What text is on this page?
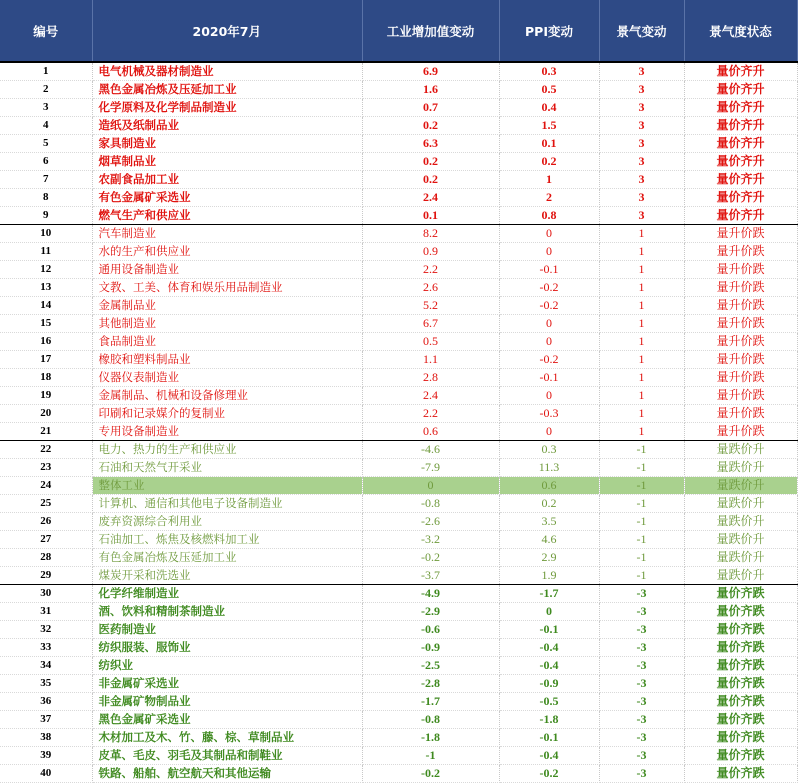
编号	2020年7月	工业增加值变动	PPI变动	景气变动	景气度状态
1	电气机械及器材制造业	6.9	0.3	3	量价齐升
2	黑色金属冶炼及压延加工业	1.6	0.5	3	量价齐升
3	化学原料及化学制品制造业	0.7	0.4	3	量价齐升
4	造纸及纸制品业	0.2	1.5	3	量价齐升
5	家具制造业	6.3	0.1	3	量价齐升
6	烟草制品业	0.2	0.2	3	量价齐升
7	农副食品加工业	0.2	1	3	量价齐升
8	有色金属矿采选业	2.4	2	3	量价齐升
9	燃气生产和供应业	0.1	0.8	3	量价齐升
10	汽车制造业	8.2	0	1	量升价跌
11	水的生产和供应业	0.9	0	1	量升价跌
12	通用设备制造业	2.2	-0.1	1	量升价跌
13	文教、工美、体育和娱乐用品制造业	2.6	-0.2	1	量升价跌
14	金属制品业	5.2	-0.2	1	量升价跌
15	其他制造业	6.7	0	1	量升价跌
16	食品制造业	0.5	0	1	量升价跌
17	橡胶和塑料制品业	1.1	-0.2	1	量升价跌
18	仪器仪表制造业	2.8	-0.1	1	量升价跌
19	金属制品、机械和设备修理业	2.4	0	1	量升价跌
20	印刷和记录媒介的复制业	2.2	-0.3	1	量升价跌
21	专用设备制造业	0.6	0	1	量升价跌
22	电力、热力的生产和供应业	-4.6	0.3	-1	量跌价升
23	石油和天然气开采业	-7.9	11.3	-1	量跌价升
24	整体工业	0	0.6	-1	量跌价升
25	计算机、通信和其他电子设备制造业	-0.8	0.2	-1	量跌价升
26	废弃资源综合利用业	-2.6	3.5	-1	量跌价升
27	石油加工、炼焦及核燃料加工业	-3.2	4.6	-1	量跌价升
28	有色金属冶炼及压延加工业	-0.2	2.9	-1	量跌价升
29	煤炭开采和洗选业	-3.7	1.9	-1	量跌价升
30	化学纤维制造业	-4.9	-1.7	-3	量价齐跌
31	酒、饮料和精制茶制造业	-2.9	0	-3	量价齐跌
32	医药制造业	-0.6	-0.1	-3	量价齐跌
33	纺织服装、服饰业	-0.9	-0.4	-3	量价齐跌
34	纺织业	-2.5	-0.4	-3	量价齐跌
35	非金属矿采选业	-2.8	-0.9	-3	量价齐跌
36	非金属矿物制品业	-1.7	-0.5	-3	量价齐跌
37	黑色金属矿采选业	-0.8	-1.8	-3	量价齐跌
38	木材加工及木、竹、藤、棕、草制品业	-1.8	-0.1	-3	量价齐跌
39	皮革、毛皮、羽毛及其制品和制鞋业	-1	-0.4	-3	量价齐跌
40	铁路、船舶、航空航天和其他运输	-0.2	-0.2	-3	量价齐跌
